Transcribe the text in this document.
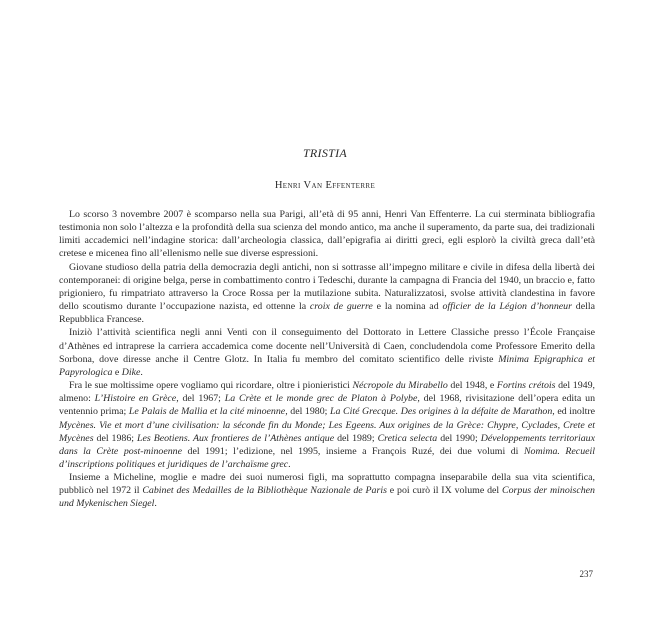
TRISTIA
Henri Van Effenterre

Lo scorso 3 novembre 2007 è scomparso nella sua Parigi, all’età di 95 anni, Henri Van Effenterre. La cui sterminata bibliografia testimonia non solo l’altezza e la profondità della sua scienza del mondo antico, ma anche il superamento, da parte sua, dei tradizionali limiti accademici nell’indagine storica: dall’archeologia classica, dall’epigrafia ai diritti greci, egli esplorò la civiltà greca dall’età cretese e micenea fino all’ellenismo nelle sue diverse espressioni.

Giovane studioso della patria della democrazia degli antichi, non si sottrasse all’impegno militare e civile in difesa della libertà dei contemporanei: di origine belga, perse in combattimento contro i Tedeschi, durante la campagna di Francia del 1940, un braccio e, fatto prigioniero, fu rimpatriato attraverso la Croce Rossa per la mutilazione subita. Naturalizzatosi, svolse attività clandestina in favore dello scoutismo durante l’occupazione nazista, ed ottenne la croix de guerre e la nomina ad officier de la Légion d’honneur della Repubblica Francese.

Iniziò l’attività scientifica negli anni Venti con il conseguimento del Dottorato in Lettere Classiche presso l’École Française d’Athènes ed intraprese la carriera accademica come docente nell’Università di Caen, concludendola come Professore Emerito della Sorbona, dove diresse anche il Centre Glotz. In Italia fu membro del comitato scientifico delle riviste Minima Epigraphica et Papyrologica e Dike.

Fra le sue moltissime opere vogliamo qui ricordare, oltre i pionieristici Nécropole du Mirabello del 1948, e Fortins crétois del 1949, almeno: L’Histoire en Grèce, del 1967; La Crète et le monde grec de Platon à Polybe, del 1968, rivisitazione dell’opera edita un ventennio prima; Le Palais de Mallia et la cité minoenne, del 1980; La Cité Grecque. Des origines à la défaite de Marathon, ed inoltre Mycènes. Vie et mort d’une civilisation: la séconde fin du Monde; Les Egeens. Aux origines de la Grèce: Chypre, Cyclades, Crete et Mycènes del 1986; Les Beotiens. Aux frontieres de l’Athènes antique del 1989; Cretica selecta del 1990; Développements territoriaux dans la Crète post-minoenne del 1991; l’edizione, nel 1995, insieme a François Ruzé, dei due volumi di Nomima. Recueil d’inscriptions politiques et juridiques de l’archaïsme grec.

Insieme a Micheline, moglie e madre dei suoi numerosi figli, ma soprattutto compagna inseparabile della sua vita scientifica, pubblicò nel 1972 il Cabinet des Medailles de la Bibliothèque Nazionale de Paris e poi curò il IX volume del Corpus der minoischen und Mykenischen Siegel.

237
